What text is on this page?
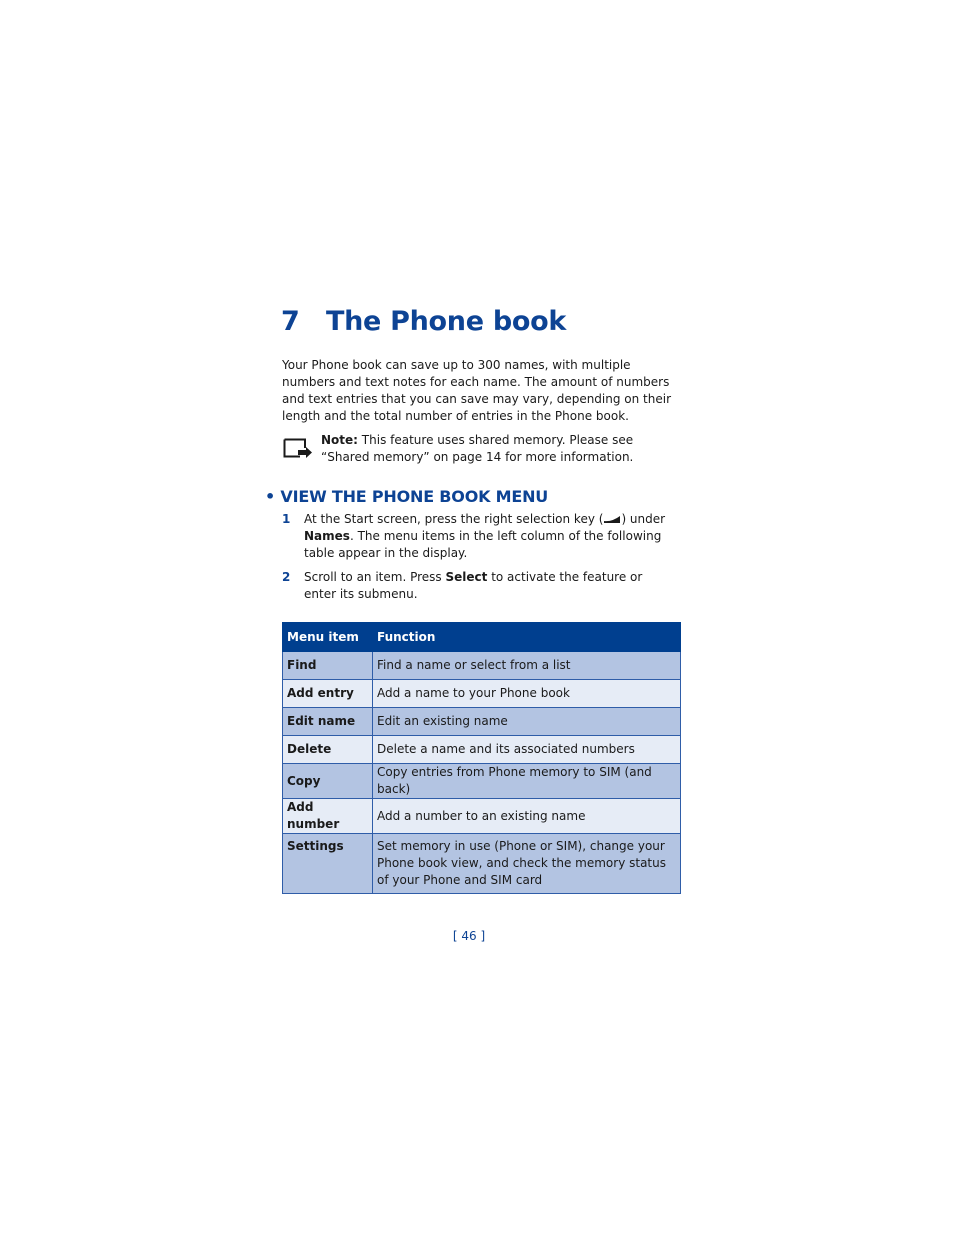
7 The Phone book

Your Phone book can save up to 300 names, with multiple numbers and text notes for each name. The amount of numbers and text entries that you can save may vary, depending on their length and the total number of entries in the Phone book.

Note: This feature uses shared memory. Please see “Shared memory” on page 14 for more information.

• VIEW THE PHONE BOOK MENU
1 At the Start screen, press the right selection key ( ) under
Names. The menu items in the left column of the following table appear in the display.
2 Scroll to an item. Press Select to activate the feature or enter its submenu.
Menu item	Function
Find	Find a name or select from a list
Add entry	Add a name to your Phone book
Edit name	Edit an existing name
Delete	Delete a name and its associated numbers
Copy	Copy entries from Phone memory to SIM (and back)
Add number	Add a number to an existing name
Settings	Set memory in use (Phone or SIM), change your Phone book view, and check the memory status of your Phone and SIM card

[ 46 ]
